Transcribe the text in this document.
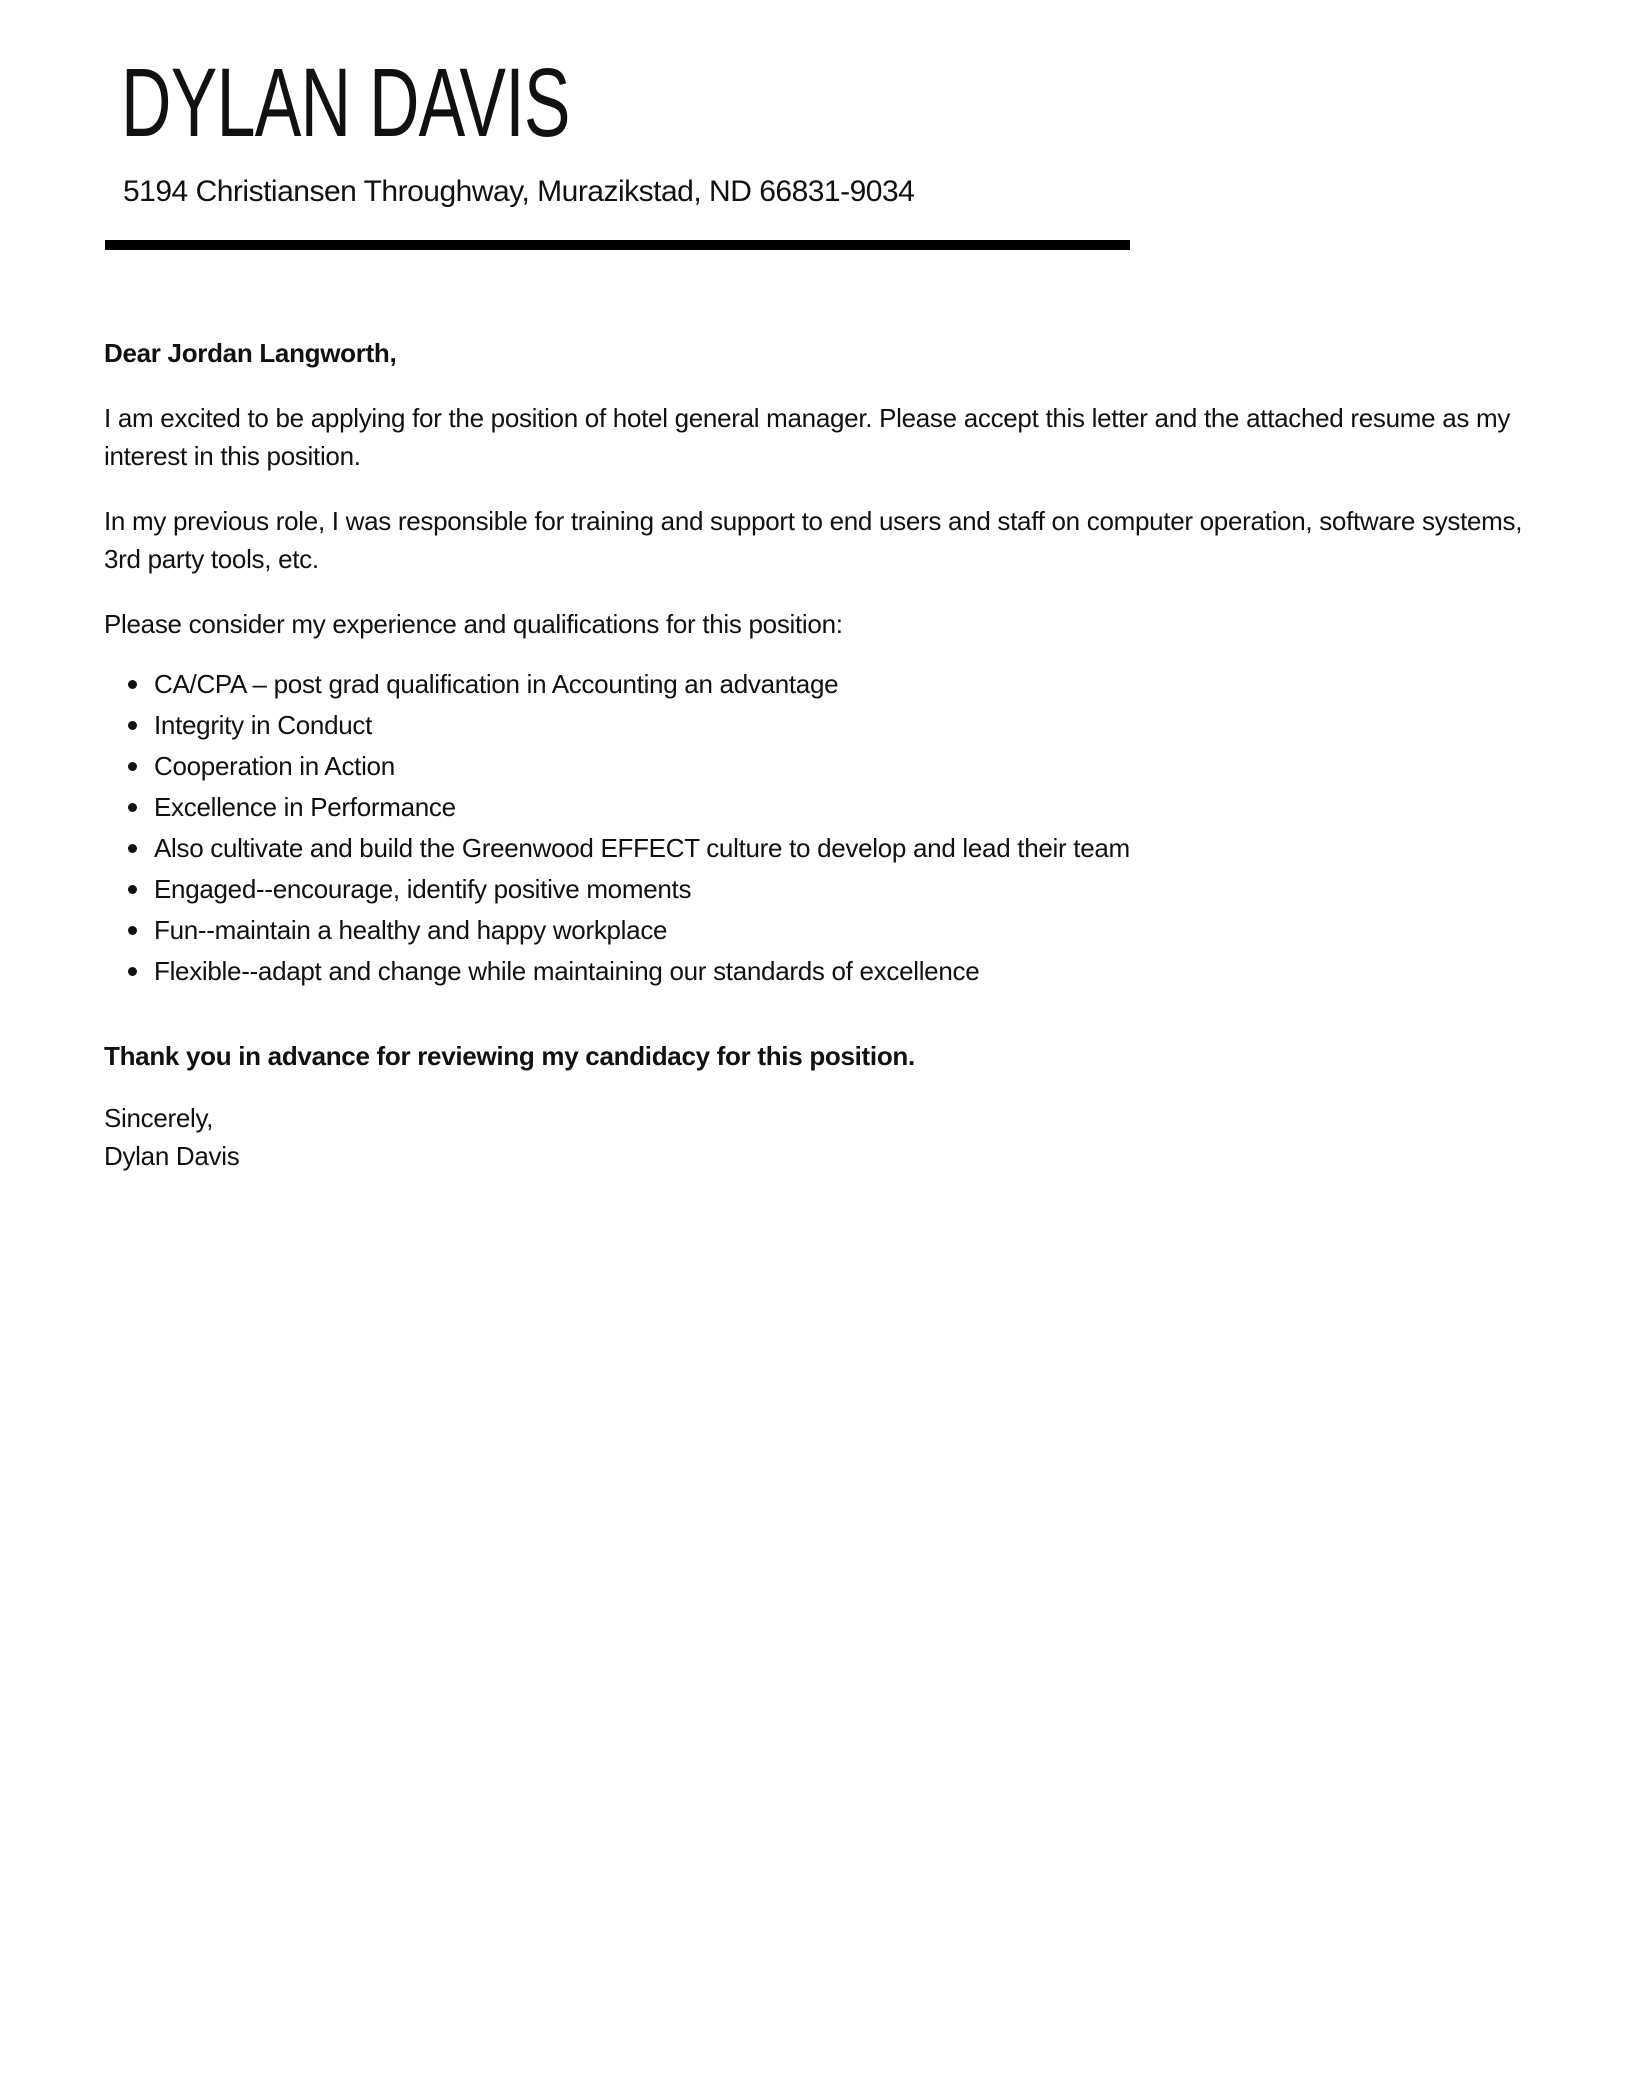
DYLAN DAVIS
5194 Christiansen Throughway, Murazikstad, ND 66831-9034

Dear Jordan Langworth,

I am excited to be applying for the position of hotel general manager. Please accept this letter and the attached resume as my interest in this position.

In my previous role, I was responsible for training and support to end users and staff on computer operation, software systems, 3rd party tools, etc.

Please consider my experience and qualifications for this position:

CA/CPA – post grad qualification in Accounting an advantage
Integrity in Conduct
Cooperation in Action
Excellence in Performance
Also cultivate and build the Greenwood EFFECT culture to develop and lead their team
Engaged--encourage, identify positive moments
Fun--maintain a healthy and happy workplace
Flexible--adapt and change while maintaining our standards of excellence

Thank you in advance for reviewing my candidacy for this position.

Sincerely,
Dylan Davis
